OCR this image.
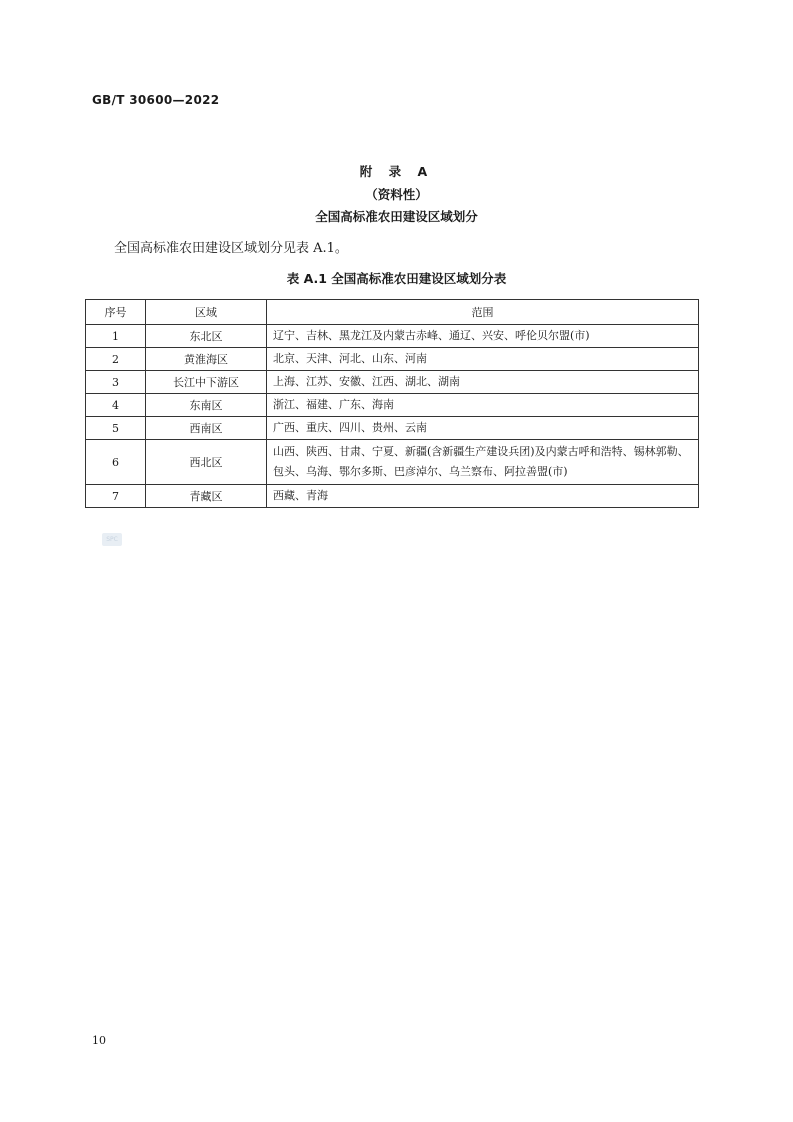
GB/T 30600—2022
附 录 A
（资料性）
全国高标准农田建设区域划分
全国高标准农田建设区域划分见表 A.1。
表 A.1 全国高标准农田建设区域划分表
序号	区域	范围
1	东北区	辽宁、吉林、黑龙江及内蒙古赤峰、通辽、兴安、呼伦贝尔盟(市)
2	黄淮海区	北京、天津、河北、山东、河南
3	长江中下游区	上海、江苏、安徽、江西、湖北、湖南
4	东南区	浙江、福建、广东、海南
5	西南区	广西、重庆、四川、贵州、云南
6	西北区	山西、陕西、甘肃、宁夏、新疆(含新疆生产建设兵团)及内蒙古呼和浩特、锡林郭勒、包头、乌海、鄂尔多斯、巴彦淖尔、乌兰察布、阿拉善盟(市)
7	青藏区	西藏、青海
SPC
10
